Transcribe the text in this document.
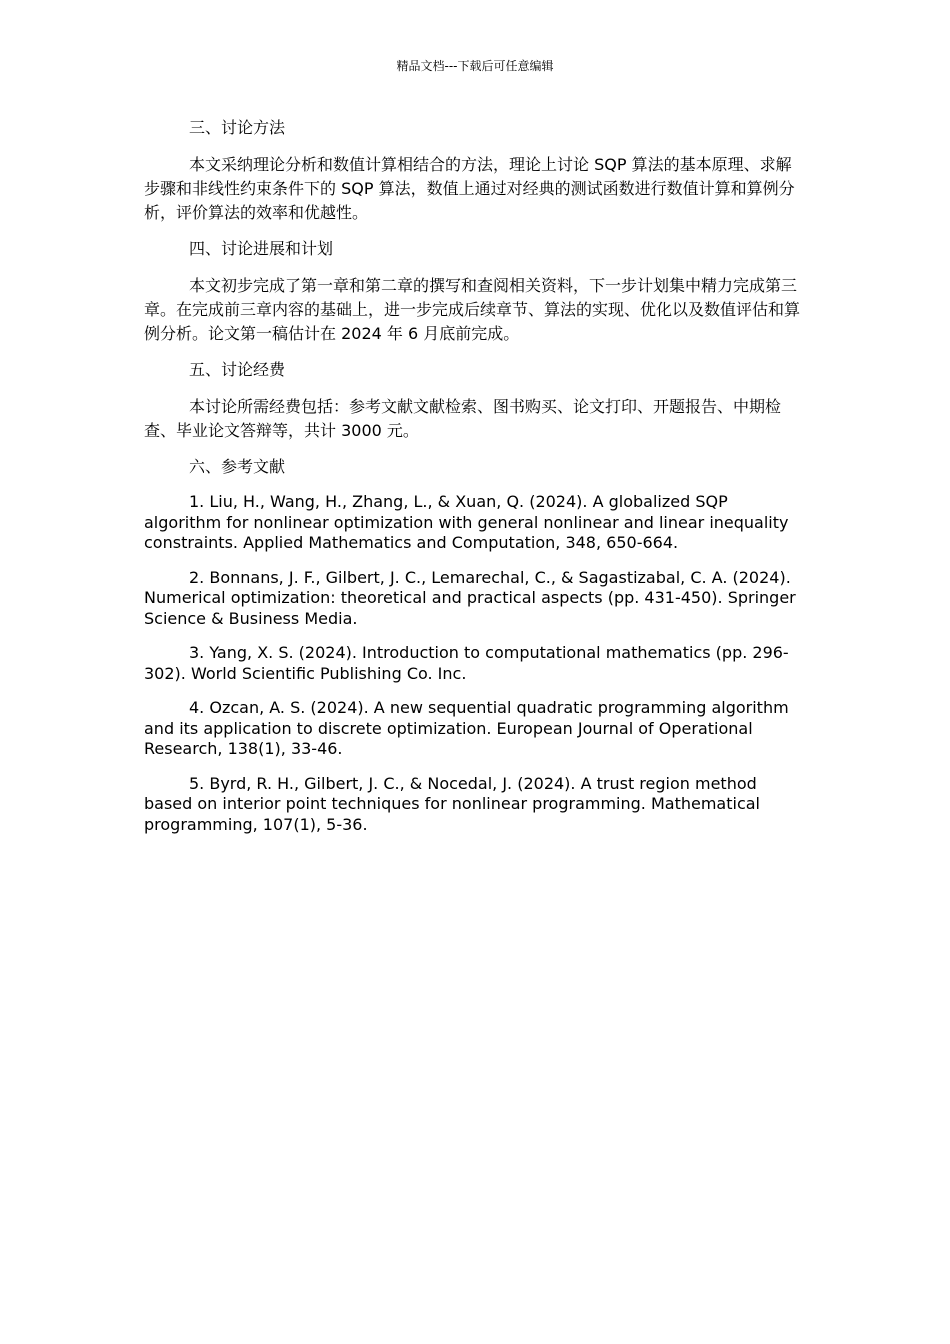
精品文档---下载后可任意编辑
三、讨论方法
本文采纳理论分析和数值计算相结合的方法，理论上讨论 SQP 算法的基本原理、求解步骤和非线性约束条件下的 SQP 算法，数值上通过对经典的测试函数进行数值计算和算例分析，评价算法的效率和优越性。
四、讨论进展和计划
本文初步完成了第一章和第二章的撰写和查阅相关资料，下一步计划集中精力完成第三章。在完成前三章内容的基础上，进一步完成后续章节、算法的实现、优化以及数值评估和算例分析。论文第一稿估计在 2024 年 6 月底前完成。
五、讨论经费
本讨论所需经费包括：参考文献文献检索、图书购买、论文打印、开题报告、中期检查、毕业论文答辩等，共计 3000 元。
六、参考文献
1. Liu, H., Wang, H., Zhang, L., & Xuan, Q. (2024). A globalized SQP algorithm for nonlinear optimization with general nonlinear and linear inequality constraints. Applied Mathematics and Computation, 348, 650-664.
2. Bonnans, J. F., Gilbert, J. C., Lemarechal, C., & Sagastizabal, C. A. (2024). Numerical optimization: theoretical and practical aspects (pp. 431-450). Springer Science & Business Media.
3. Yang, X. S. (2024). Introduction to computational mathematics (pp. 296-302). World Scientific Publishing Co. Inc.
4. Ozcan, A. S. (2024). A new sequential quadratic programming algorithm and its application to discrete optimization. European Journal of Operational Research, 138(1), 33-46.
5. Byrd, R. H., Gilbert, J. C., & Nocedal, J. (2024). A trust region method based on interior point techniques for nonlinear programming. Mathematical programming, 107(1), 5-36.
